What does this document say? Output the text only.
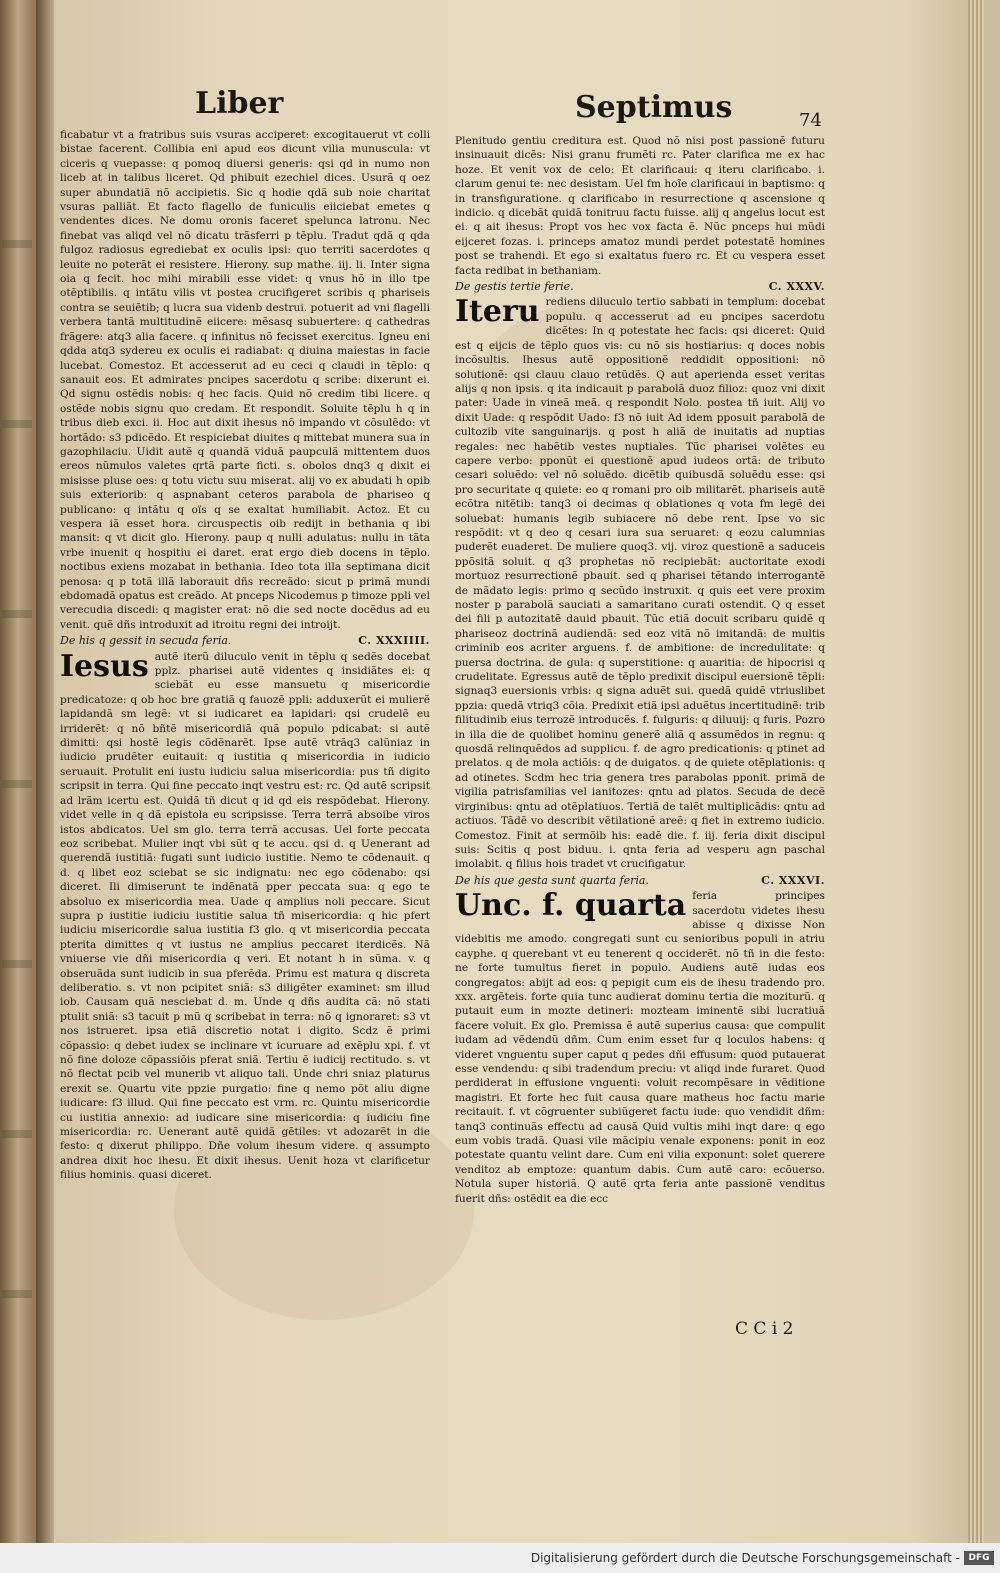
Liber	Septimus	74

ficabatur vt a fratribus suis vsuras acciperet: excogitauerut vt colli bistae facerent. Collibia eni apud eos dicunt vilia munuscula: vt ciceris q vuepasse: q pomoq diuersi generis: qsi qd in numo non liceb at in talibus liceret. Qd phibuit ezechiel dices. Usurã q oez super abundatiã nõ accipietis. Sic q hodie qdã sub noie charitat vsuras palliãt. Et facto flagello de funiculis eiiciebat emetes q vendentes dices. Ne domu oronis faceret spelunca latronu. Nec finebat vas aliqd vel nõ dicatu trãsferri p tẽplu. Tradut qdã q qda fulgoz radiosus egrediebat ex oculis ipsi: quo territi sacerdotes q leuite no poterãt ei resistere. Hierony. sup mathe. iij. li. Inter signa oia q fecit. hoc mihi mirabili esse videt: q vnus hõ in illo tpe otẽptibilis. q intãtu vilis vt postea crucifigeret scribis q phariseis contra se seuiẽtib; q lucra sua videnb destrui. potuerit ad vni flagelli verbera tantã multitudinẽ eiicere: mẽsasq subuertere: q cathedras frãgere: atq3 alia facere. q infinitus nõ fecisset exercitus. Igneu eni qdda atq3 sydereu ex oculis ei radiabat: q diuina maiestas in facie lucebat. Comestoz. Et accesserut ad eu ceci q claudi in tẽplo: q sanauit eos. Et admirates pncipes sacerdotu q scribe: dixerunt ei. Qd signu ostẽdis nobis: q hec facis. Quid nõ credim tibi licere. q ostẽde nobis signu quo credam. Et respondit. Soluite tẽplu h q in tribus dieb exci. ii. Hoc aut dixit ihesus nõ impando vt cõsulẽdo: vt hortãdo: s3 pdicẽdo. Et respiciebat diuites q mittebat munera sua in gazophilaciu. Uidit autẽ q quandã viduã paupculã mittentem duos ereos nũmulos valetes qrtã parte ficti. s. obolos dnq3 q dixit ei misisse pluse oes: q totu victu suu miserat. alij vo ex abudati h opib suis exteriorib: q aspnabant ceteros parabola de phariseo q publicano: q intãtu q oïs q se exaltat humiliabit. Actoz. Et cu vespera iã esset hora. circuspectis oib redijt in bethania q ibi mansit: q vt dicit glo. Hierony. paup q nulli adulatus: nullu in tãta vrbe inuenit q hospitiu ei daret. erat ergo dieb docens in tẽplo. noctibus exiens mozabat in bethania. Ideo tota illa septimana dicit penosa: q p totã illã laborauit dñs recreãdo: sicut p primã mundi ebdomadã opatus est creãdo. At pnceps Nicodemus p timoze ppli vel verecudia discedi: q magister erat: nõ die sed nocte docẽdus ad eu venit. quẽ dñs introduxit ad itroitu regni dei introijt.

De his q gessit in secuda feria.	C. XXXIIII.
Iesus autẽ iterũ diluculo venit in tẽplu q sedẽs docebat pplz. pharisei autẽ videntes q insidiãtes ei: q sciebãt eu esse mansuetu q misericordie predicatoze: q ob hoc bre gratiã q fauozẽ ppli: adduxerũt ei mulierẽ lapidandã sm legẽ: vt si iudicaret ea lapidari: qsi crudelẽ eu irriderẽt: q nõ bñtẽ misericordiã quã populo pdicabat: si autẽ dimitti: qsi hostẽ legis cõdẽnarẽt. Ipse autẽ vtrãq3 calũniaz in iudicio prudẽter euitauit: q iustitia q misericordia in iudicio seruauit. Protulit eni iustu iudiciu salua misericordia: pus tñ digito scripsit in terra. Qui fine peccato inqt vestru est: rc. Qd autẽ scripsit ad lrãm icertu est. Quidã tñ dicut q id qd eis respõdebat. Hierony. videt velle in q dã epistola eu scripsisse. Terra terrã absoibe viros istos abdicatos. Uel sm glo. terra terrã accusas. Uel forte peccata eoz scribebat. Mulier inqt vbi sũt q te accu. qsi d. q Uenerant ad querendã iustitiã: fugati sunt iudicio iustitie. Nemo te cõdenauit. q d. q libet eoz sciebat se sic indignatu: nec ego cõdenabo: qsi diceret. Ili dimiserunt te indẽnatã pper peccata sua: q ego te absoluo ex misericordia mea. Uade q amplius noli peccare. Sicut supra p iustitie iudiciu iustitie salua tñ misericordia: q hic pfert iudiciu misericordie salua iustitia f3 glo. q vt misericordia peccata pterita dimittes q vt iustus ne amplius peccaret iterdicẽs. Nã vniuerse vie dñi misericordia q veri. Et notant h in sũma. v. q obseruãda sunt iudicib in sua pferẽda. Primu est matura q discreta deliberatio. s. vt non pcipitet sniã: s3 diligẽter examinet: sm illud iob. Causam quã nesciebat d. m. Unde q dñs audita cã: nõ stati ptulit sniã: s3 tacuit p mũ q scribebat in terra: nõ q ignoraret: s3 vt nos istrueret. ipsa etiã discretio notat i digito. Scdz ẽ primi cõpassio: q debet iudex se inclinare vt icuruare ad exẽplu xpi. f. vt nõ fine doloze cõpassiõis pferat sniã. Tertiu ẽ iudicij rectitudo. s. vt nõ flectat pcib vel munerib vt aliquo tali. Unde chri sniaz platurus erexit se. Quartu vite ppzie purgatio: fine q nemo põt aliu digne iudicare: f3 illud. Qui fine peccato est vrm. rc. Quintu misericordie cu iustitia annexio: ad iudicare sine misericordia: q iudiciu fine misericordia: rc. Uenerant autẽ quidã gẽtiles: vt adozarẽt in die festo: q dixerut philippo. Dñe volum ihesum videre. q assumpto andrea dixit hoc ihesu. Et dixit ihesus. Uenit hoza vt clarificetur filius hominis. quasi diceret.

Plenitudo gentiu creditura est. Quod nõ nisi post passionẽ futuru insinuauit dicẽs: Nisi granu frumẽti rc. Pater clarifica me ex hac hoze. Et venit vox de celo: Et clarificaui: q iteru clarificabo. i. clarum genui te: nec desistam. Uel fm hoĩe clarificaui in baptismo: q in transfiguratione. q clarificabo in resurrectione q ascensione q indicio. q dicebãt quidã tonitruu factu fuisse. alij q angelus locut est ei. q ait ihesus: Propt vos hec vox facta ẽ. Nũc pnceps hui mũdi eijceret fozas. i. princeps amatoz mundi perdet potestatẽ homines post se trahendi. Et ego si exaltatus fuero rc. Et cu vespera esset facta redibat in bethaniam.

De gestis tertie ferie.	C. XXXV.
Iteru rediens diluculo tertio sabbati in templum: docebat populu. q accesserut ad eu pncipes sacerdotu dicẽtes: In q potestate hec facis: qsi diceret: Quid est q eijcis de tẽplo quos vis: cu nõ sis hostiarius: q doces nobis incõsultis. Ihesus autẽ oppositionẽ reddidit oppositioni: nõ solutionẽ: qsi clauu clauo retũdẽs. Q aut aperienda esset veritas alijs q non ipsis. q ita indicauit p parabolã duoz filioz: quoz vni dixit pater: Uade in vineã meã. q respondit Nolo. postea tñ iuit. Alij vo dixit Uade: q respõdit Uado: f3 nõ iuit Ad idem pposuit parabolã de cultozib vite sanguinarijs. q post h aliã de inuitatis ad nuptias regales: nec habẽtib vestes nuptiales. Tũc pharisei volẽtes eu capere verbo: pponũt ei questionẽ apud iudeos ortã: de tributo cesari soluẽdo: vel nõ soluẽdo. dicẽtib quibusdã soluẽdu esse: qsi pro securitate q quiete: eo q romani pro oib militarẽt. phariseis autẽ ecõtra nitẽtib: tanq3 oi decimas q oblationes q vota fm legẽ dei soluebat: humanis legib subiacere nõ debe rent. Ipse vo sic respõdit: vt q deo q cesari iura sua seruaret: q eozu calumnias puderẽt euaderet. De muliere quoq3. vij. viroz questionẽ a saduceis ppõsitã soluit. q q3 prophetas nõ recipiebãt: auctoritate exodi mortuoz resurrectionẽ pbauit. sed q pharisei tẽtando interrogantẽ de mãdato legis: primo q secũdo instruxit. q quis eet vere proxim noster p parabolã sauciati a samaritano curati ostendit. Q q esset dei fili p autozitatẽ dauid pbauit. Tũc etiã docuit scribaru quidẽ q phariseoz doctrinã audiendã: sed eoz vitã nõ imitandã: de multis criminib eos acriter arguens. f. de ambitione: de incredulitate: q puersa doctrina. de gula: q superstitione: q auaritia: de hipocrisi q crudelitate. Egressus autẽ de tẽplo predixit discipul euersionẽ tẽpli: signaq3 euersionis vrbis: q signa aduẽt sui. quedã quidẽ vtriuslibet ppzia: quedã vtriq3 cõia. Predixit etiã ipsi aduẽtus incertitudinẽ: trib filitudinib eius terrozẽ introducẽs. f. fulguris: q diluuij: q furis. Pozro in illa die de quolibet hominu generẽ aliã q assumẽdos in regnu: q quosdã relinquẽdos ad supplicu. f. de agro predicationis: q ptinet ad prelatos. q de mola actiõis: q de duigatos. q de quiete otẽplationis: q ad otinetes. Scdm hec tria genera tres parabolas pponit. primã de vigilia patrisfamilias vel ianitozes: qntu ad platos. Secuda de decẽ virginibus: qntu ad otẽplatiuos. Tertiã de talẽt multiplicãdis: qntu ad actiuos. Tãdẽ vo describit vẽtilationẽ areẽ: q fiet in extremo iudicio. Comestoz. Finit at sermõib his: eadẽ die. f. iij. feria dixit discipul suis: Scitis q post biduu. i. qnta feria ad vesperu agn paschal imolabit. q filius hois tradet vt crucifigatur.

De his que gesta sunt quarta feria.	C. XXXVI.
Unc. f. quarta feria principes sacerdotu videtes ihesu abisse q dixisse Non videbitis me amodo. congregati sunt cu senioribus populi in atriu cayphe. q querebant vt eu tenerent q occiderẽt. nõ tñ in die festo: ne forte tumultus fieret in populo. Audiens autẽ iudas eos congregatos: abijt ad eos: q pepigit cum eis de ihesu tradendo pro. xxx. argẽteis. forte quia tunc audierat dominu tertia die moziturũ. q putauit eum in mozte detineri: mozteam iminentẽ sibi lucratiuã facere voluit. Ex glo. Premissa ẽ autẽ superius causa: que compulit iudam ad vẽdendũ dñm. Cum enim esset fur q loculos habens: q videret vnguentu super caput q pedes dñi effusum: quod putauerat esse vendendu: q sibi tradendum preciu: vt aliqd inde furaret. Quod perdiderat in effusione vnguenti: voluit recompẽsare in vẽditione magistri. Et forte hec fuit causa quare matheus hoc factu marie recitauit. f. vt cõgruenter subiũgeret factu iude: quo vendidit dñm: tanq3 continuãs effectu ad causã Quid vultis mihi inqt dare: q ego eum vobis tradã. Quasi vile mãcipiu venale exponens: ponit in eoz potestate quantu velint dare. Cum eni vilia exponunt: solet querere venditoz ab emptoze: quantum dabis. Cum autẽ caro: ecõuerso. Notula super historiã. Q autẽ qrta feria ante passionẽ venditus fuerit dñs: ostẽdit ea die ecc

C C i 2

Digitalisierung gefördert durch die Deutsche Forschungsgemeinschaft - DFG
